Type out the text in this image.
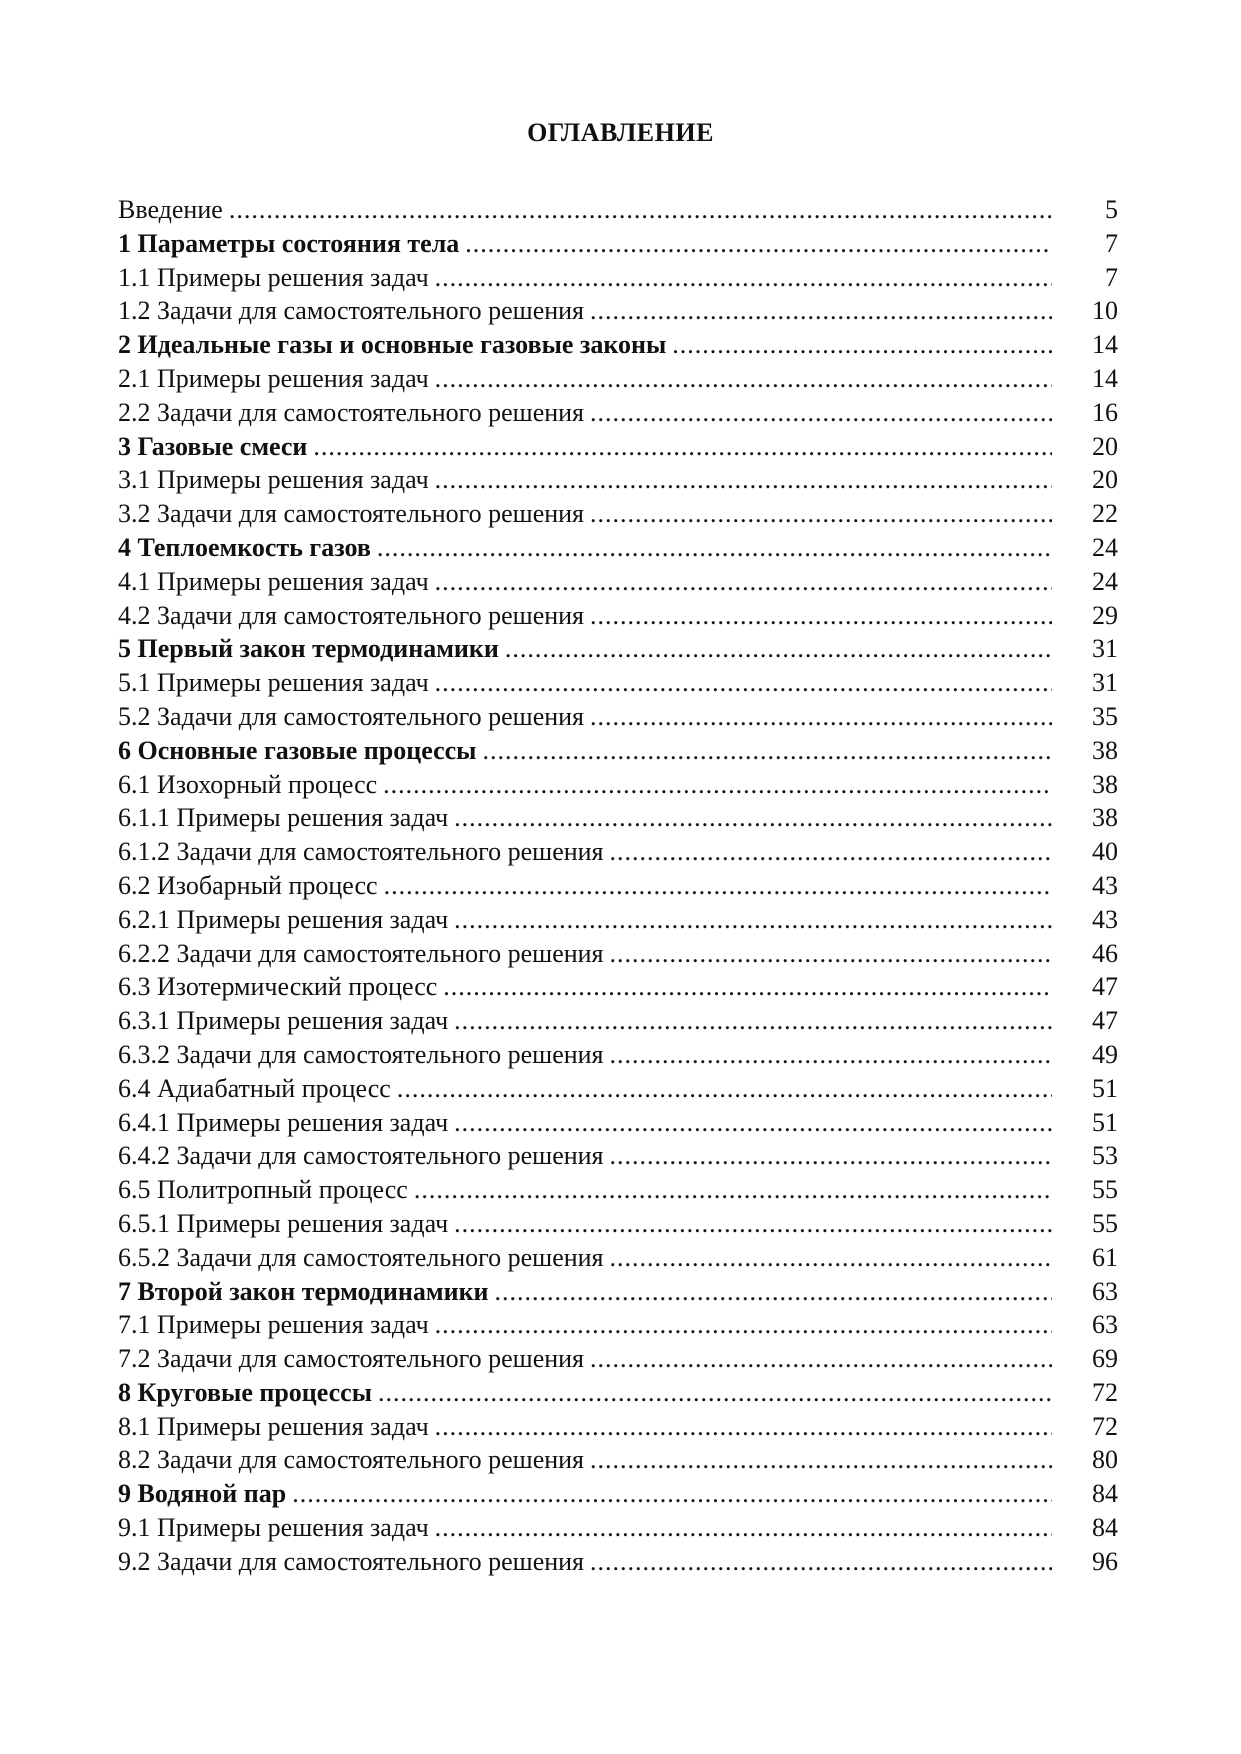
ОГЛАВЛЕНИЕ
Введение .....	5
1 Параметры состояния тела .....	7
1.1 Примеры решения задач .....	7
1.2 Задачи для самостоятельного решения .....	10
2 Идеальные газы и основные газовые законы .....	14
2.1 Примеры решения задач .....	14
2.2 Задачи для самостоятельного решения .....	16
3 Газовые смеси .....	20
3.1 Примеры решения задач .....	20
3.2 Задачи для самостоятельного решения .....	22
4 Теплоемкость газов .....	24
4.1 Примеры решения задач .....	24
4.2 Задачи для самостоятельного решения .....	29
5 Первый закон термодинамики .....	31
5.1 Примеры решения задач .....	31
5.2 Задачи для самостоятельного решения .....	35
6 Основные газовые процессы .....	38
6.1 Изохорный процесс .....	38
6.1.1 Примеры решения задач .....	38
6.1.2 Задачи для самостоятельного решения .....	40
6.2 Изобарный процесс .....	43
6.2.1 Примеры решения задач .....	43
6.2.2 Задачи для самостоятельного решения .....	46
6.3 Изотермический процесс .....	47
6.3.1 Примеры решения задач .....	47
6.3.2 Задачи для самостоятельного решения .....	49
6.4 Адиабатный процесс .....	51
6.4.1 Примеры решения задач .....	51
6.4.2 Задачи для самостоятельного решения .....	53
6.5 Политропный процесс .....	55
6.5.1 Примеры решения задач .....	55
6.5.2 Задачи для самостоятельного решения .....	61
7 Второй закон термодинамики .....	63
7.1 Примеры решения задач .....	63
7.2 Задачи для самостоятельного решения .....	69
8 Круговые процессы .....	72
8.1 Примеры решения задач .....	72
8.2 Задачи для самостоятельного решения .....	80
9 Водяной пар .....	84
9.1 Примеры решения задач .....	84
9.2 Задачи для самостоятельного решения .....	96
